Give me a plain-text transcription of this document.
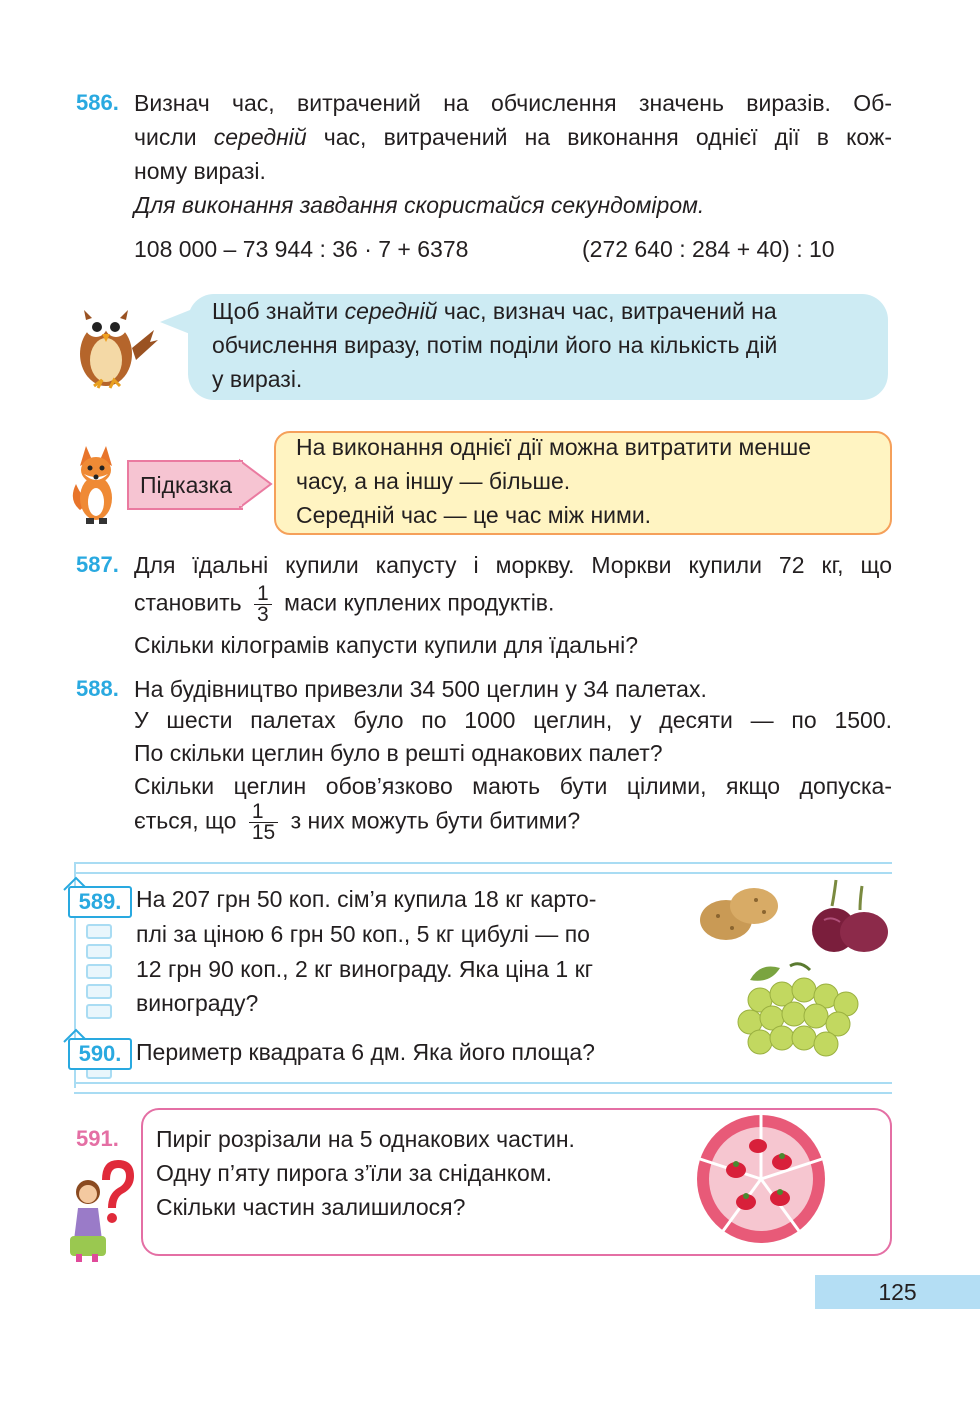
586. Визнач час, витрачений на обчислення значень виразів. Об-
числи середній час, витрачений на виконання однієї дії в кож-
ному виразі.
Для виконання завдання скористайся секундоміром.
108 000 – 73 944 : 36 · 7 + 6378	(272 640 : 284 + 40) : 10
Щоб знайти середній час, визнач час, витрачений на
обчислення виразу, потім поділи його на кількість дій
у виразі.
Підказка
На виконання однієї дії можна витратити менше
часу, а на іншу — більше.
Середній час — це час між ними.
587. Для їдальні купили капусту і моркву. Моркви купили 72 кг, що
становить $\frac{1}{3}$ маси куплених продуктів.
Скільки кілограмів капусти купили для їдальні?
588. На будівництво привезли 34 500 цеглин у 34 палетах.
У шести палетах було по 1000 цеглин, у десяти — по 1500.
По скільки цеглин було в решті однакових палет?
Скільки цеглин обов’язково мають бути цілими, якщо допуска-
ється, що $\frac{1}{15}$ з них можуть бути битими?
589. На 207 грн 50 коп. сім’я купила 18 кг карто-
плі за ціною 6 грн 50 коп., 5 кг цибулі — по
12 грн 90 коп., 2 кг винограду. Яка ціна 1 кг
винограду?
590. Периметр квадрата 6 дм. Яка його площа?
591. Пиріг розрізали на 5 однакових частин.
Одну п’яту пирога з’їли за сніданком.
Скільки частин залишилося?
125
